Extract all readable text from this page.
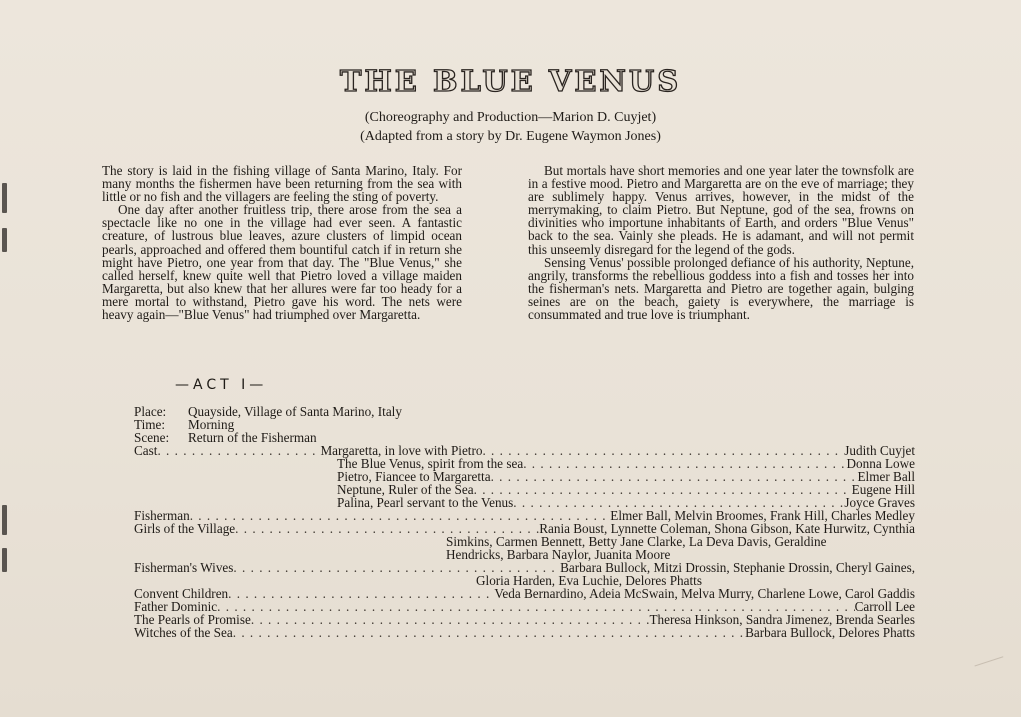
THE BLUE VENUS
(Choreography and Production—Marion D. Cuyjet)
(Adapted from a story by Dr. Eugene Waymon Jones)

The story is laid in the fishing village of Santa Marino, Italy. For many months the fishermen have been returning from the sea with little or no fish and the villagers are feeling the sting of poverty.

One day after another fruitless trip, there arose from the sea a spectacle like no one in the village had ever seen. A fantastic creature, of lustrous blue leaves, azure clusters of limpid ocean pearls, approached and offered them bountiful catch if in return she might have Pietro, one year from that day. The "Blue Venus," she called herself, knew quite well that Pietro loved a village maiden Margaretta, but also knew that her allures were far too heady for a mere mortal to withstand, Pietro gave his word. The nets were heavy again—"Blue Venus" had triumphed over Margaretta.

But mortals have short memories and one year later the townsfolk are in a festive mood. Pietro and Margaretta are on the eve of marriage; they are sublimely happy. Venus arrives, however, in the midst of the merrymaking, to claim Pietro. But Neptune, god of the sea, frowns on divinities who importune inhabitants of Earth, and orders "Blue Venus" back to the sea. Vainly she pleads. He is adamant, and will not permit this unseemly disregard for the legend of the gods.

Sensing Venus' possible prolonged defiance of his authority, Neptune, angrily, transforms the rebellious goddess into a fish and tosses her into the fisherman's nets. Margaretta and Pietro are together again, bulging seines are on the beach, gaiety is everywhere, the marriage is consummated and true love is triumphant.

—ACT I—
Place: Quayside, Village of Santa Marino, Italy
Time: Morning
Scene: Return of the Fisherman
Cast . . .	Margaretta, in love with Pietro . . .	Judith Cuyjet
The Blue Venus, spirit from the sea . . .	Donna Lowe
Pietro, Fiancee to Margaretta . . .	Elmer Ball
Neptune, Ruler of the Sea . . .	Eugene Hill
Palina, Pearl servant to the Venus . . .	Joyce Graves
Fisherman . . .	Elmer Ball, Melvin Broomes, Frank Hill, Charles Medley
Girls of the Village . . .	Rania Boust, Lynnette Coleman, Shona Gibson, Kate Hurwitz, Cynthia
Simkins, Carmen Bennett, Betty Jane Clarke, La Deva Davis, Geraldine
Hendricks, Barbara Naylor, Juanita Moore
Fisherman's Wives . . .	Barbara Bullock, Mitzi Drossin, Stephanie Drossin, Cheryl Gaines,
Gloria Harden, Eva Luchie, Delores Phatts
Convent Children . . .	Veda Bernardino, Adeia McSwain, Melva Murry, Charlene Lowe, Carol Gaddis
Father Dominic . . .	Carroll Lee
The Pearls of Promise . . .	Theresa Hinkson, Sandra Jimenez, Brenda Searles
Witches of the Sea . . .	Barbara Bullock, Delores Phatts
